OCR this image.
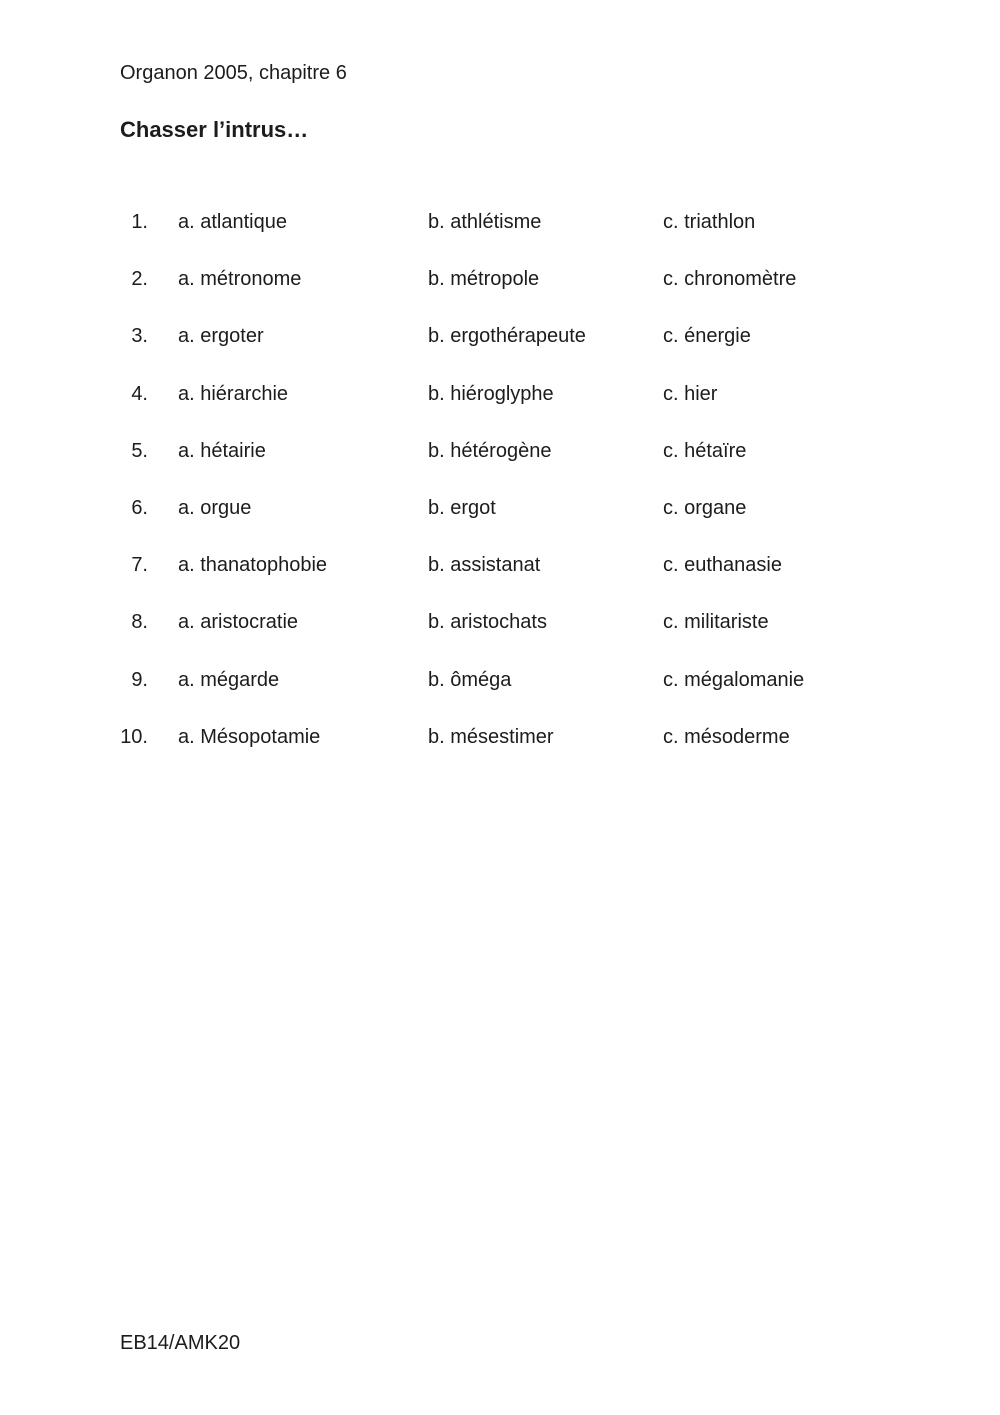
Organon 2005, chapitre 6
Chasser l’intrus…
1. a. atlantique	b. athlétisme	c. triathlon
2. a. métronome	b. métropole	c. chronomètre
3. a. ergoter	b. ergothérapeute	c. énergie
4. a. hiérarchie	b. hiéroglyphe	c. hier
5. a. hétairie	b. hétérogène	c. hétaïre
6. a. orgue	b. ergot	c. organe
7. a. thanatophobie	b. assistanat	c. euthanasie
8. a. aristocratie	b. aristochats	c. militariste
9. a. mégarde	b. ôméga	c. mégalomanie
10. a. Mésopotamie	b. mésestimer	c. mésoderme
EB14/AMK20
